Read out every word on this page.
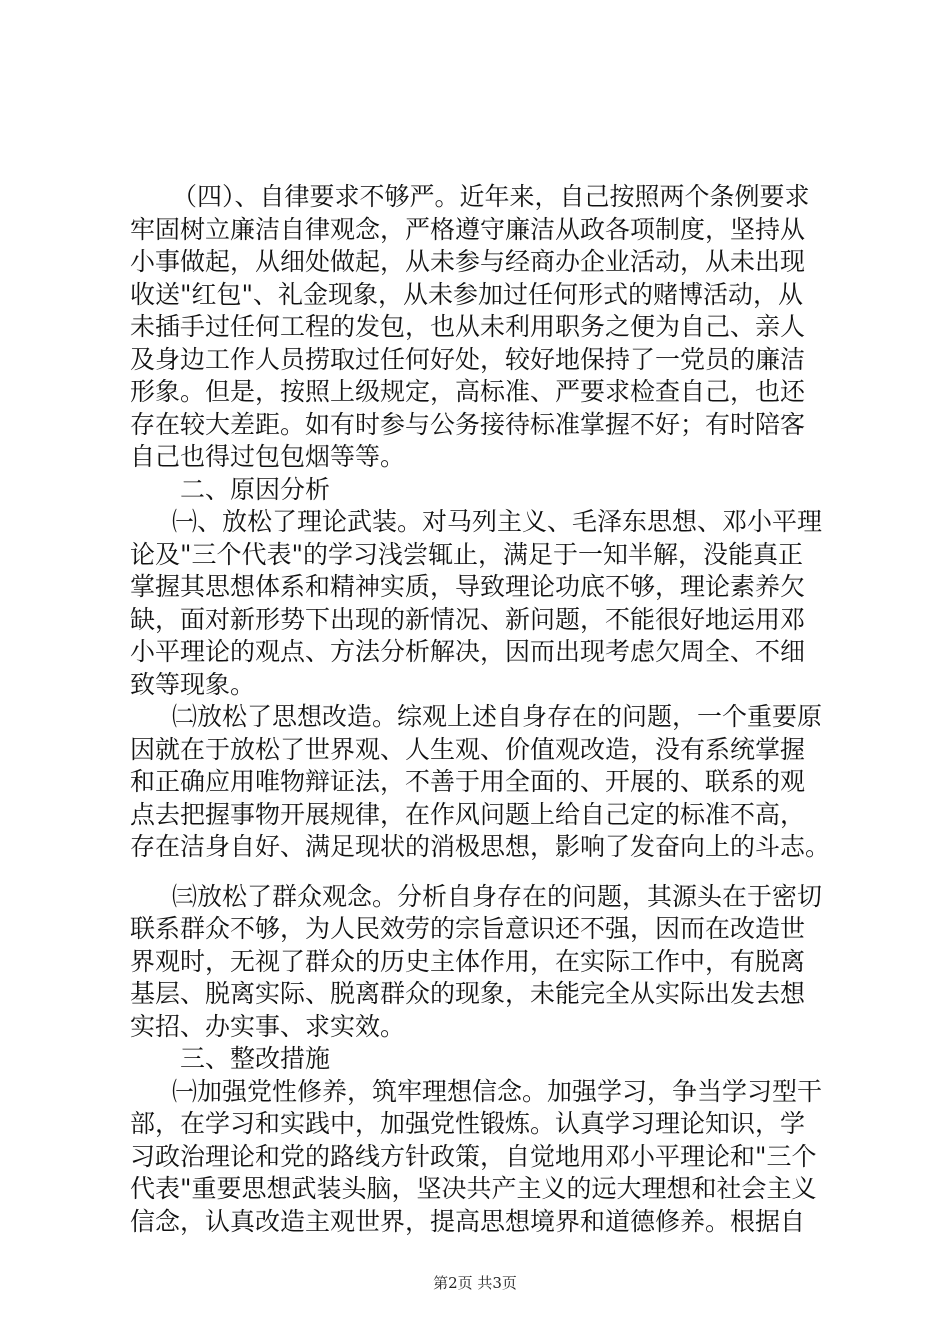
（四）、自律要求不够严。近年来，自己按照两个条例要求
牢固树立廉洁自律观念，严格遵守廉洁从政各项制度，坚持从
小事做起，从细处做起，从未参与经商办企业活动，从未出现
收送"红包"、礼金现象，从未参加过任何形式的赌博活动，从
未插手过任何工程的发包，也从未利用职务之便为自己、亲人
及身边工作人员捞取过任何好处，较好地保持了一党员的廉洁
形象。但是，按照上级规定，高标准、严要求检查自己，也还
存在较大差距。如有时参与公务接待标准掌握不好；有时陪客
自己也得过包包烟等等。
二、原因分析
㈠、放松了理论武装。对马列主义、毛泽东思想、邓小平理
论及"三个代表"的学习浅尝辄止，满足于一知半解，没能真正
掌握其思想体系和精神实质，导致理论功底不够，理论素养欠
缺，面对新形势下出现的新情况、新问题，不能很好地运用邓
小平理论的观点、方法分析解决，因而出现考虑欠周全、不细
致等现象。
㈡放松了思想改造。综观上述自身存在的问题，一个重要原
因就在于放松了世界观、人生观、价值观改造，没有系统掌握
和正确应用唯物辩证法，不善于用全面的、开展的、联系的观
点去把握事物开展规律，在作风问题上给自己定的标准不高，
存在洁身自好、满足现状的消极思想，影响了发奋向上的斗志。
㈢放松了群众观念。分析自身存在的问题，其源头在于密切
联系群众不够，为人民效劳的宗旨意识还不强，因而在改造世
界观时，无视了群众的历史主体作用，在实际工作中，有脱离
基层、脱离实际、脱离群众的现象，未能完全从实际出发去想
实招、办实事、求实效。
三、整改措施
㈠加强党性修养，筑牢理想信念。加强学习，争当学习型干
部，在学习和实践中，加强党性锻炼。认真学习理论知识，学
习政治理论和党的路线方针政策，自觉地用邓小平理论和"三个
代表"重要思想武装头脑，坚决共产主义的远大理想和社会主义
信念，认真改造主观世界，提高思想境界和道德修养。根据自
第2页 共3页
